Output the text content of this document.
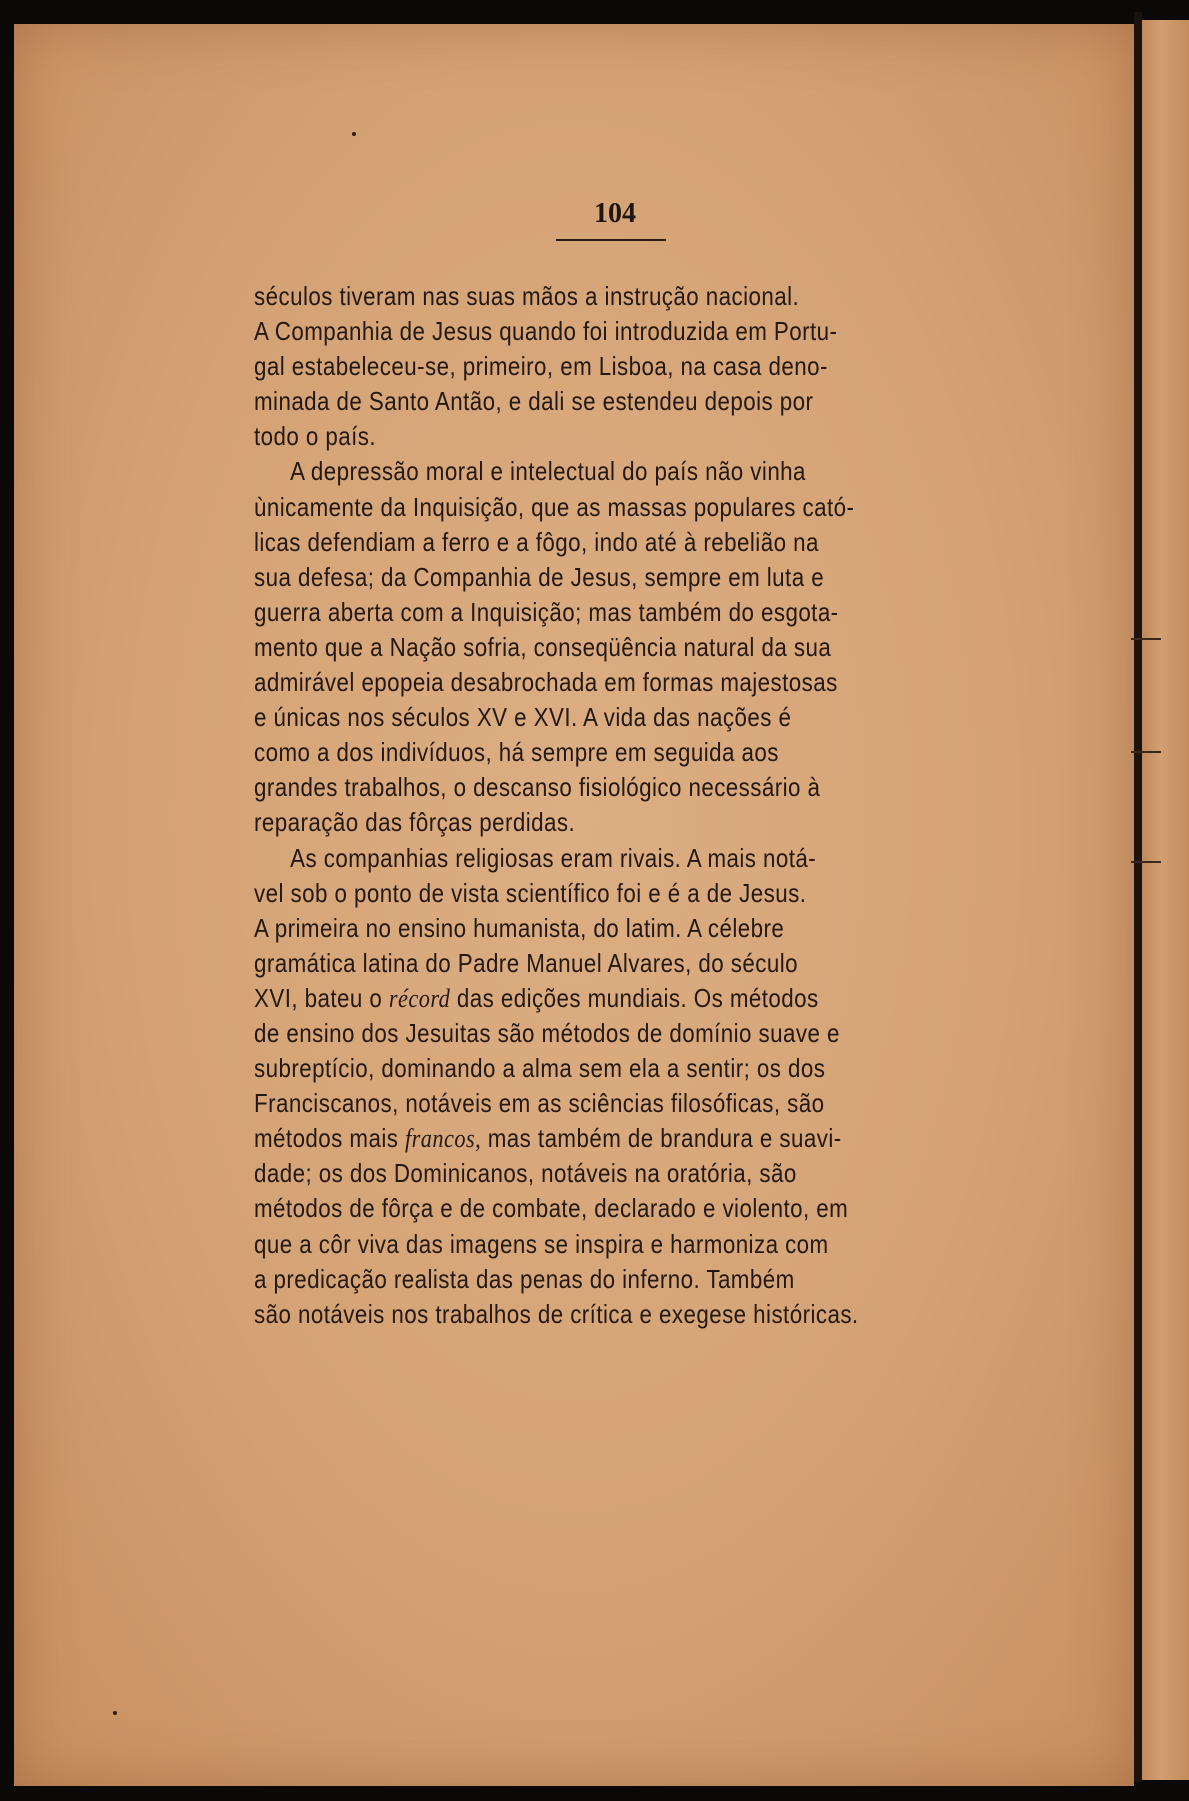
104
séculos tiveram nas suas mãos a instrução nacional.
A Companhia de Jesus quando foi introduzida em Portu-
gal estabeleceu-se, primeiro, em Lisboa, na casa deno-
minada de Santo Antão, e dali se estendeu depois por
todo o país.
A depressão moral e intelectual do país não vinha
ùnicamente da Inquisição, que as massas populares cató-
licas defendiam a ferro e a fôgo, indo até à rebelião na
sua defesa; da Companhia de Jesus, sempre em luta e
guerra aberta com a Inquisição; mas também do esgota-
mento que a Nação sofria, conseqüência natural da sua
admirável epopeia desabrochada em formas majestosas
e únicas nos séculos XV e XVI. A vida das nações é
como a dos indivíduos, há sempre em seguida aos
grandes trabalhos, o descanso fisiológico necessário à
reparação das fôrças perdidas.
As companhias religiosas eram rivais. A mais notá-
vel sob o ponto de vista scientífico foi e é a de Jesus.
A primeira no ensino humanista, do latim. A célebre
gramática latina do Padre Manuel Alvares, do século
XVI, bateu o récord das edições mundiais. Os métodos
de ensino dos Jesuitas são métodos de domínio suave e
subreptício, dominando a alma sem ela a sentir; os dos
Franciscanos, notáveis em as sciências filosóficas, são
métodos mais francos, mas também de brandura e suavi-
dade; os dos Dominicanos, notáveis na oratória, são
métodos de fôrça e de combate, declarado e violento, em
que a côr viva das imagens se inspira e harmoniza com
a predicação realista das penas do inferno. Também
são notáveis nos trabalhos de crítica e exegese históricas.
